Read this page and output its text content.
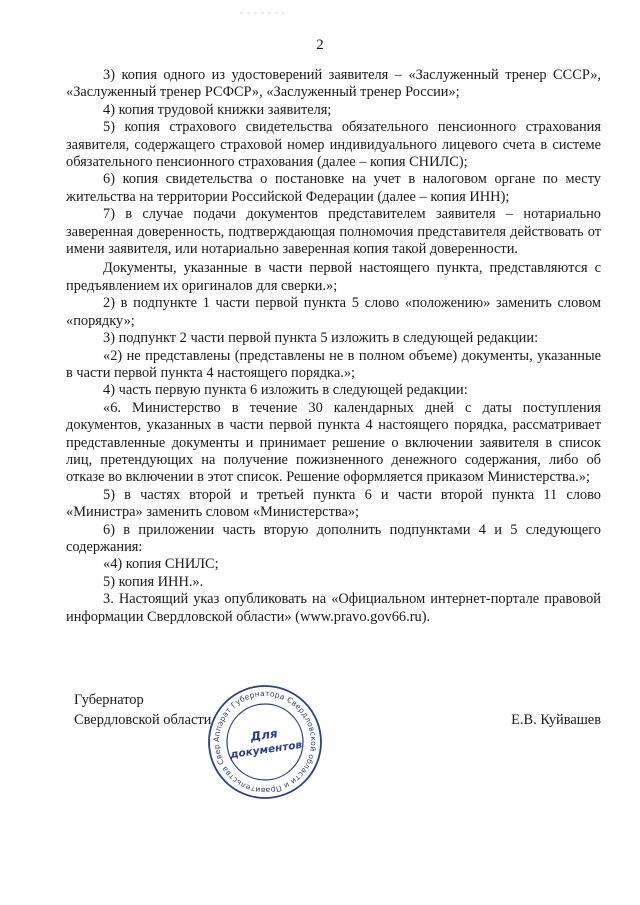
2

3) копия одного из удостоверений заявителя – «Заслуженный тренер СССР», «Заслуженный тренер РСФСР», «Заслуженный тренер России»;

4) копия трудовой книжки заявителя;

5) копия страхового свидетельства обязательного пенсионного страхования заявителя, содержащего страховой номер индивидуального лицевого счета в системе обязательного пенсионного страхования (далее – копия СНИЛС);

6) копия свидетельства о постановке на учет в налоговом органе по месту жительства на территории Российской Федерации (далее – копия ИНН);

7) в случае подачи документов представителем заявителя – нотариально заверенная доверенность, подтверждающая полномочия представителя действовать от имени заявителя, или нотариально заверенная копия такой доверенности.

Документы, указанные в части первой настоящего пункта, представляются с предъявлением их оригиналов для сверки.»;

2) в подпункте 1 части первой пункта 5 слово «положению» заменить словом «порядку»;

3) подпункт 2 части первой пункта 5 изложить в следующей редакции:

«2) не представлены (представлены не в полном объеме) документы, указанные в части первой пункта 4 настоящего порядка.»;

4) часть первую пункта 6 изложить в следующей редакции:

«6. Министерство в течение 30 календарных дней с даты поступления документов, указанных в части первой пункта 4 настоящего порядка, рассматривает представленные документы и принимает решение о включении заявителя в список лиц, претендующих на получение пожизненного денежного содержания, либо об отказе во включении в этот список. Решение оформляется приказом Министерства.»;

5) в частях второй и третьей пункта 6 и части второй пункта 11 слово «Министра» заменить словом «Министерства»;

6) в приложении часть вторую дополнить подпунктами 4 и 5 следующего содержания:

«4) копия СНИЛС;

5) копия ИНН.».

3. Настоящий указ опубликовать на «Официальном интернет-портале правовой информации Свердловской области» (www.pravo.gov66.ru).

Губернатор
Свердловской области	Е.В. Куйвашев
Аппарат Губернатора Свердловской области и Правительства Свер
Для
документов
